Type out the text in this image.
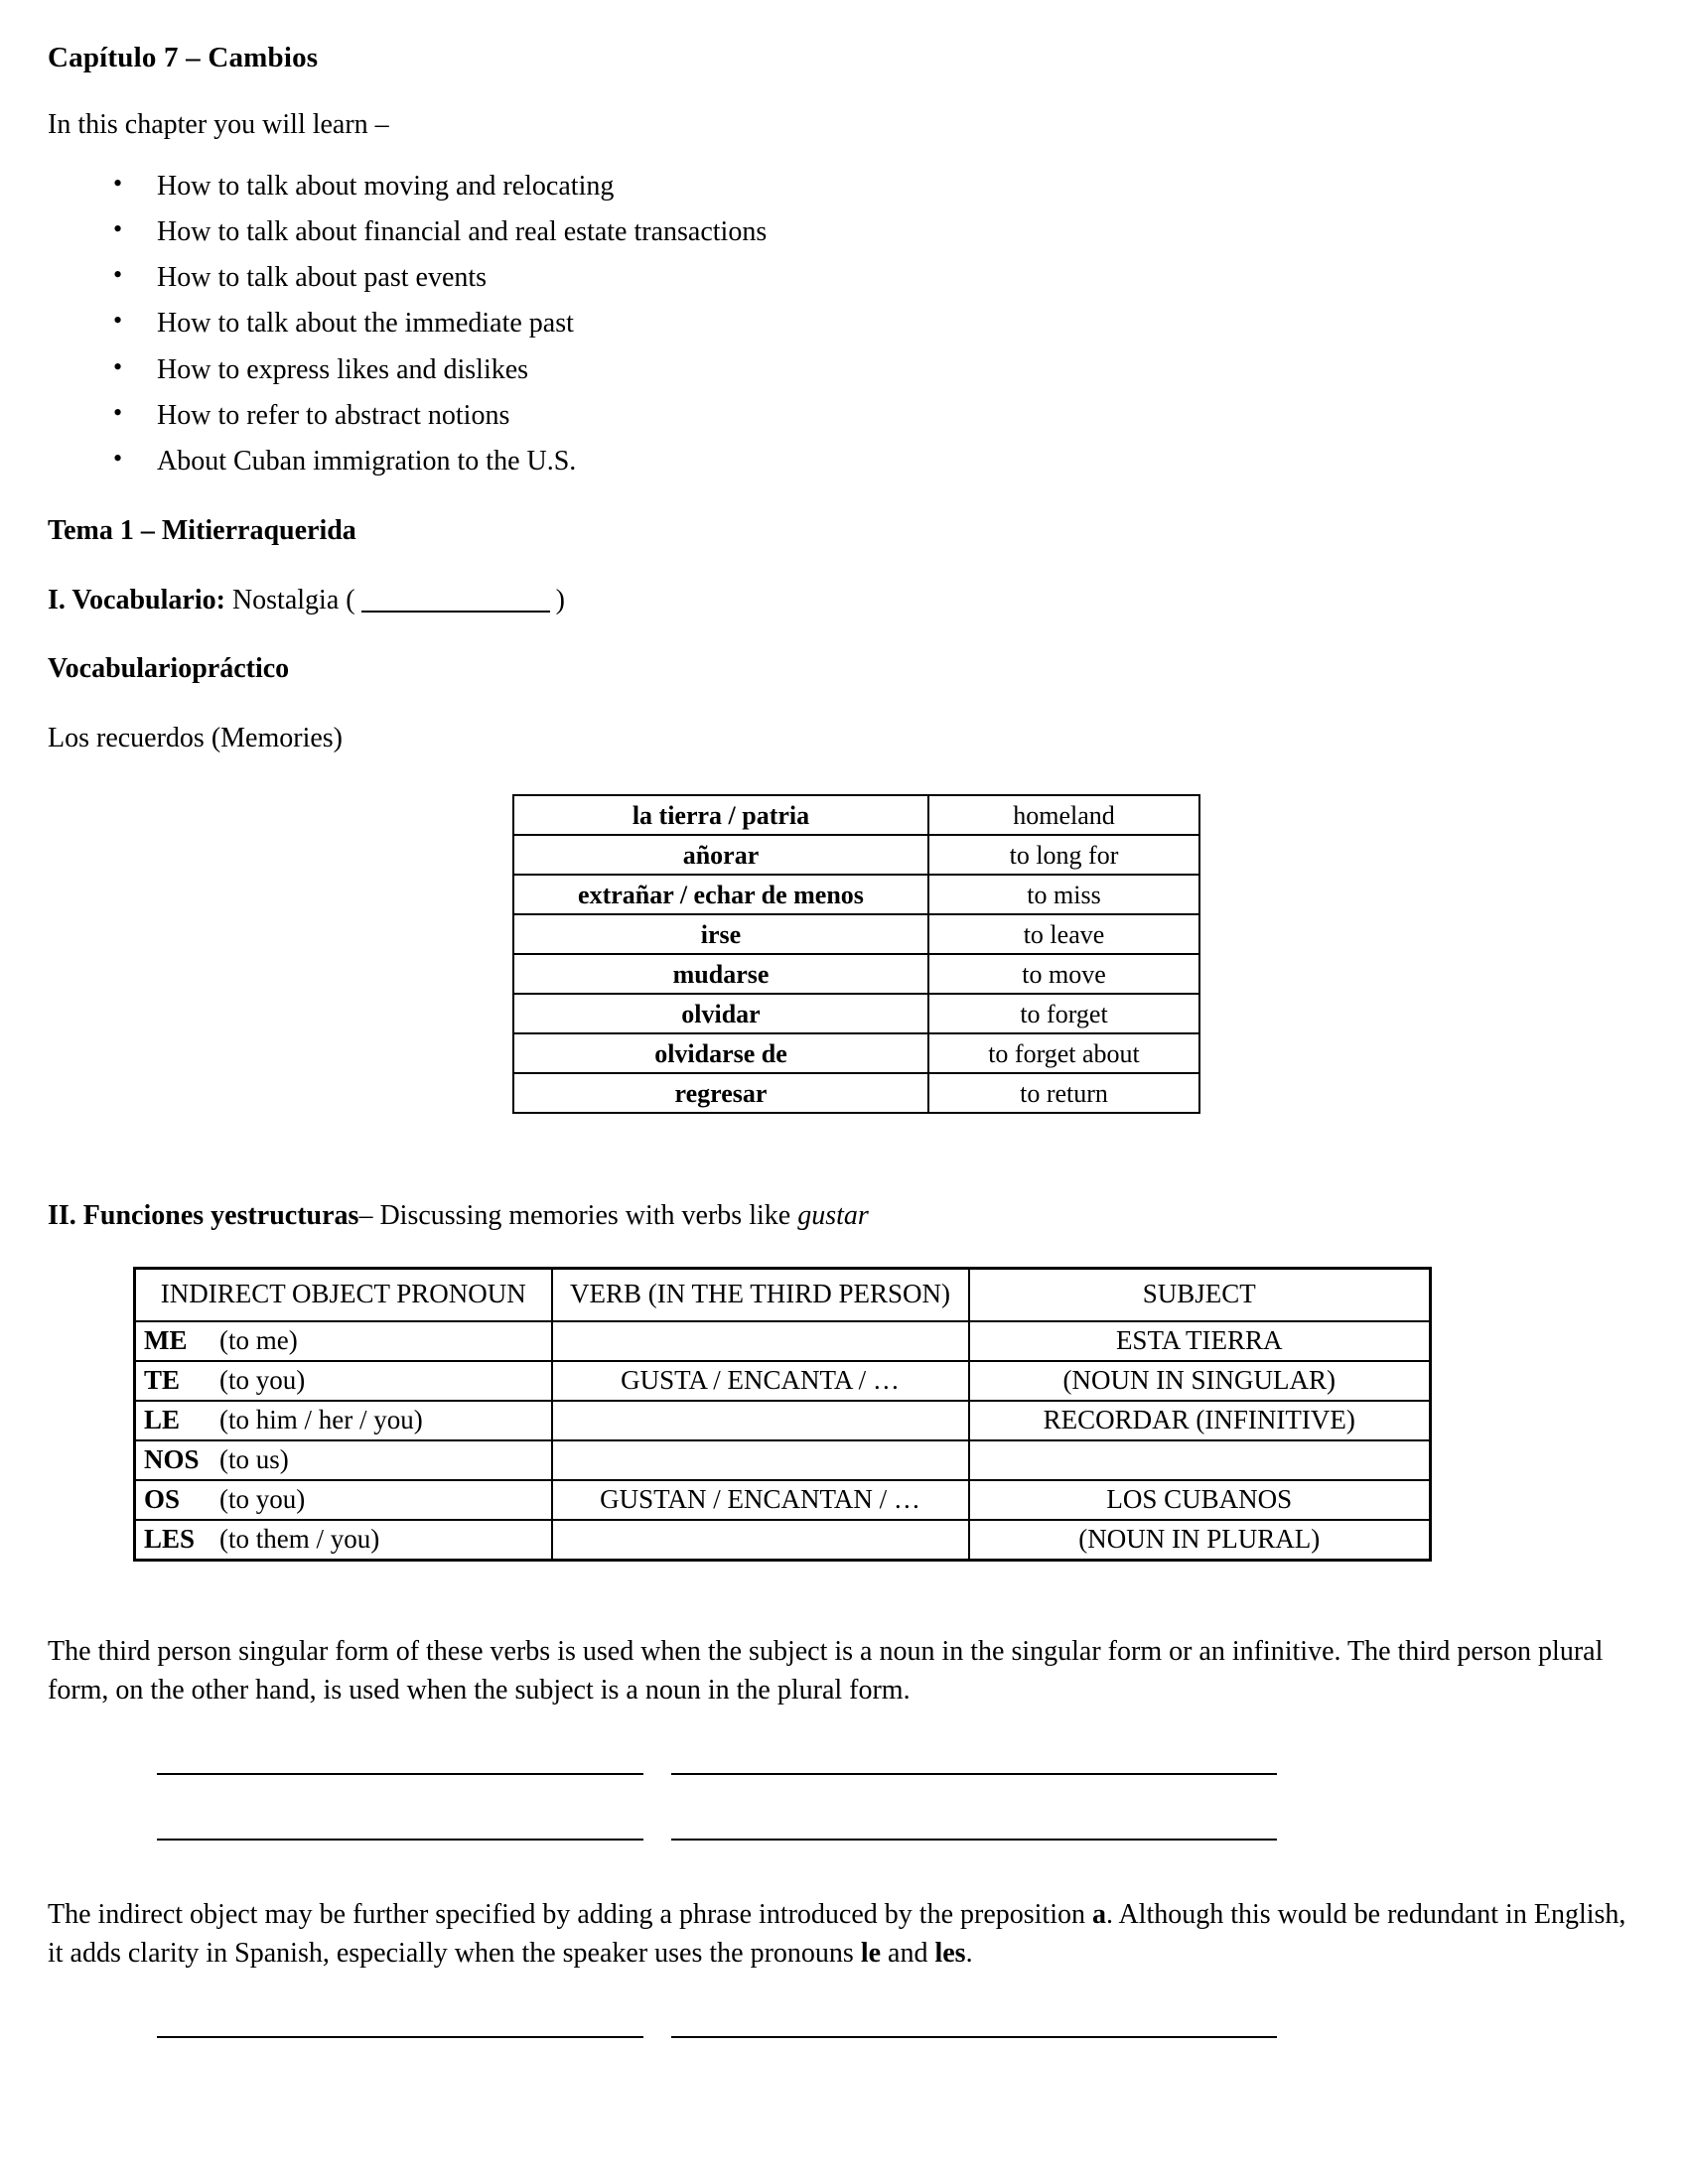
Capítulo 7 – Cambios

In this chapter you will learn –

• How to talk about moving and relocating
• How to talk about financial and real estate transactions
• How to talk about past events
• How to talk about the immediate past
• How to express likes and dislikes
• How to refer to abstract notions
• About Cuban immigration to the U.S.
Tema 1 – Mitierraquerida

I. Vocabulario: Nostalgia (	)

Vocabulariopráctico

Los recuerdos (Memories)

la tierra / patria	homeland
añorar	to long for
extrañar / echar de menos	to miss
irse	to leave
mudarse	to move
olvidar	to forget
olvidarse de	to forget about
regresar	to return

II. Funciones yestructuras– Discussing memories with verbs like gustar

INDIRECT OBJECT PRONOUN	VERB (IN THE THIRD PERSON)	SUBJECT
ME (to me)		ESTA TIERRA
TE (to you)	GUSTA / ENCANTA / …	(NOUN IN SINGULAR)
LE (to him / her / you)		RECORDAR (INFINITIVE)
NOS (to us)		
OS (to you)	GUSTAN / ENCANTAN / …	LOS CUBANOS
LES (to them / you)		(NOUN IN PLURAL)

The third person singular form of these verbs is used when the subject is a noun in the singular form or an infinitive. The third person plural form, on the other hand, is used when the subject is a noun in the plural form.

The indirect object may be further specified by adding a phrase introduced by the preposition a. Although this would be redundant in English, it adds clarity in Spanish, especially when the speaker uses the pronouns le and les.
